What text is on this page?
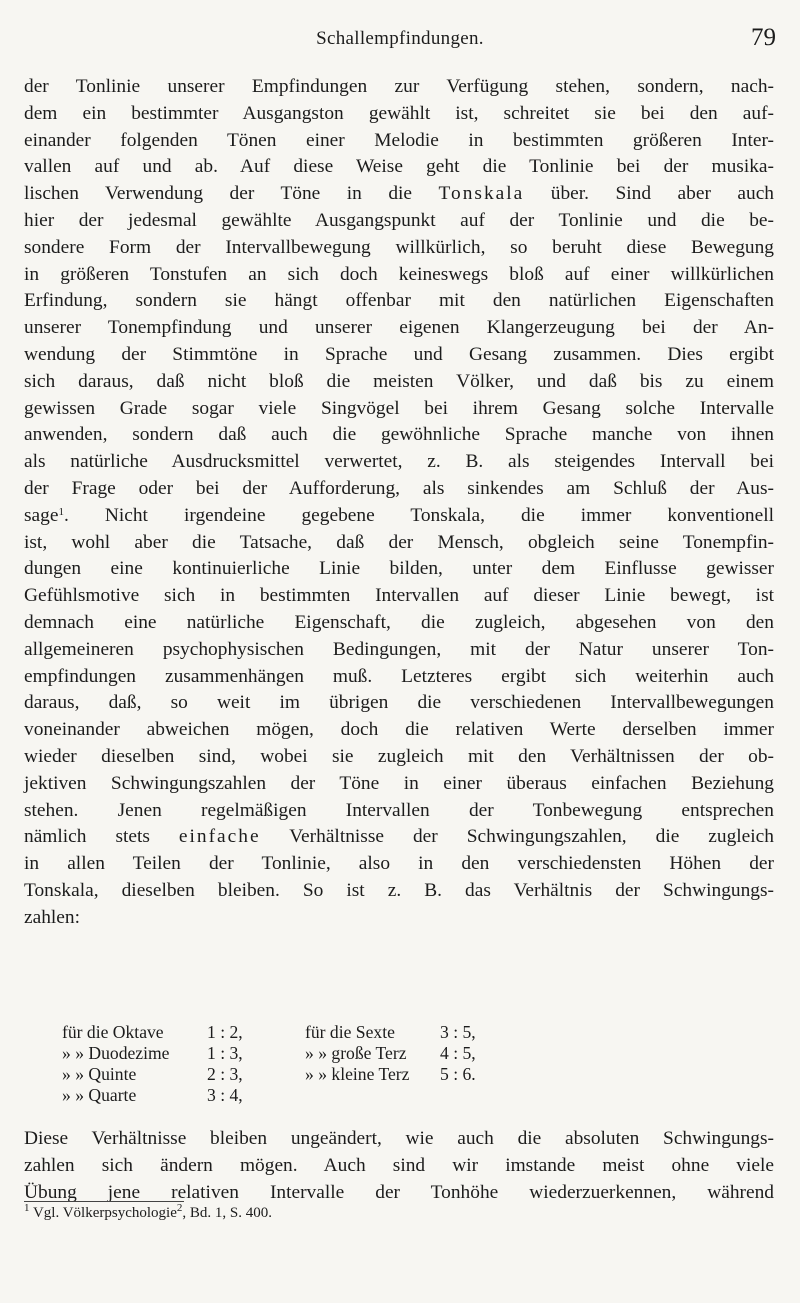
Schallempfindungen.	79
der Tonlinie unserer Empfindungen zur Verfügung stehen, sondern, nach-
dem ein bestimmter Ausgangston gewählt ist, schreitet sie bei den auf-
einander folgenden Tönen einer Melodie in bestimmten größeren Inter-
vallen auf und ab. Auf diese Weise geht die Tonlinie bei der musika-
lischen Verwendung der Töne in die Tonskala über. Sind aber auch
hier der jedesmal gewählte Ausgangspunkt auf der Tonlinie und die be-
sondere Form der Intervallbewegung willkürlich, so beruht diese Bewegung
in größeren Tonstufen an sich doch keineswegs bloß auf einer willkürlichen
Erfindung, sondern sie hängt offenbar mit den natürlichen Eigenschaften
unserer Tonempfindung und unserer eigenen Klangerzeugung bei der An-
wendung der Stimmtöne in Sprache und Gesang zusammen. Dies ergibt
sich daraus, daß nicht bloß die meisten Völker, und daß bis zu einem
gewissen Grade sogar viele Singvögel bei ihrem Gesang solche Intervalle
anwenden, sondern daß auch die gewöhnliche Sprache manche von ihnen
als natürliche Ausdrucksmittel verwertet, z. B. als steigendes Intervall bei
der Frage oder bei der Aufforderung, als sinkendes am Schluß der Aus-
sage$^1$. Nicht irgendeine gegebene Tonskala, die immer konventionell
ist, wohl aber die Tatsache, daß der Mensch, obgleich seine Tonempfin-
dungen eine kontinuierliche Linie bilden, unter dem Einflusse gewisser
Gefühlsmotive sich in bestimmten Intervallen auf dieser Linie bewegt, ist
demnach eine natürliche Eigenschaft, die zugleich, abgesehen von den
allgemeineren psychophysischen Bedingungen, mit der Natur unserer Ton-
empfindungen zusammenhängen muß. Letzteres ergibt sich weiterhin auch
daraus, daß, so weit im übrigen die verschiedenen Intervallbewegungen
voneinander abweichen mögen, doch die relativen Werte derselben immer
wieder dieselben sind, wobei sie zugleich mit den Verhältnissen der ob-
jektiven Schwingungszahlen der Töne in einer überaus einfachen Beziehung
stehen. Jenen regelmäßigen Intervallen der Tonbewegung entsprechen
nämlich stets einfache Verhältnisse der Schwingungszahlen, die zugleich
in allen Teilen der Tonlinie, also in den verschiedensten Höhen der
Tonskala, dieselben bleiben. So ist z. B. das Verhältnis der Schwingungs-
zahlen:
für die Oktave	1 : 2,	für die Sexte	3 : 5,
» » Duodezime	1 : 3,	» » große Terz	4 : 5,
» » Quinte	2 : 3,	» » kleine Terz	5 : 6.
» » Quarte	3 : 4,
Diese Verhältnisse bleiben ungeändert, wie auch die absoluten Schwingungs-
zahlen sich ändern mögen. Auch sind wir imstande meist ohne viele
Übung jene relativen Intervalle der Tonhöhe wiederzuerkennen, während
$^1$ Vgl. Völkerpsychologie$^2$, Bd. 1, S. 400.
